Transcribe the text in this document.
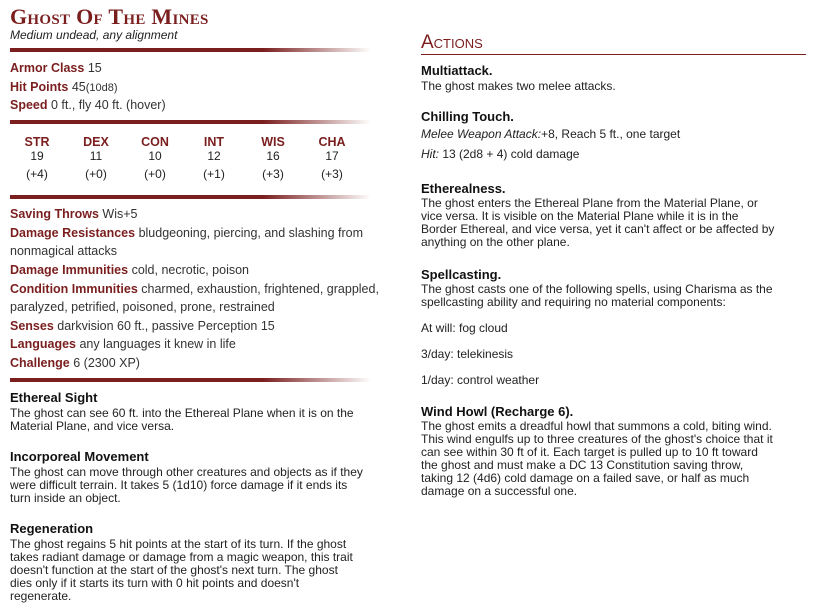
Ghost Of The Mines
Medium undead, any alignment
Armor Class 15
Hit Points 45(10d8)
Speed 0 ft., fly 40 ft. (hover)
STR
19
(+4)
DEX
11
(+0)
CON
10
(+0)
INT
12
(+1)
WIS
16
(+3)
CHA
17
(+3)
Saving Throws Wis+5
Damage Resistances bludgeoning, piercing, and slashing from
nonmagical attacks
Damage Immunities cold, necrotic, poison
Condition Immunities charmed, exhaustion, frightened, grappled,
paralyzed, petrified, poisoned, prone, restrained
Senses darkvision 60 ft., passive Perception 15
Languages any languages it knew in life
Challenge 6 (2300 XP)
Ethereal Sight
The ghost can see 60 ft. into the Ethereal Plane when it is on the
Material Plane, and vice versa.
Incorporeal Movement
The ghost can move through other creatures and objects as if they
were difficult terrain. It takes 5 (1d10) force damage if it ends its
turn inside an object.
Regeneration
The ghost regains 5 hit points at the start of its turn. If the ghost
takes radiant damage or damage from a magic weapon, this trait
doesn't function at the start of the ghost's next turn. The ghost
dies only if it starts its turn with 0 hit points and doesn't
regenerate.
Actions
Multiattack.
The ghost makes two melee attacks.
Chilling Touch.
Melee Weapon Attack:+8, Reach 5 ft., one target
Hit: 13 (2d8 + 4) cold damage
Etherealness.
The ghost enters the Ethereal Plane from the Material Plane, or
vice versa. It is visible on the Material Plane while it is in the
Border Ethereal, and vice versa, yet it can't affect or be affected by
anything on the other plane.
Spellcasting.
The ghost casts one of the following spells, using Charisma as the
spellcasting ability and requiring no material components:
At will: fog cloud
3/day: telekinesis
1/day: control weather
Wind Howl (Recharge 6).
The ghost emits a dreadful howl that summons a cold, biting wind.
This wind engulfs up to three creatures of the ghost's choice that it
can see within 30 ft of it. Each target is pulled up to 10 ft toward
the ghost and must make a DC 13 Constitution saving throw,
taking 12 (4d6) cold damage on a failed save, or half as much
damage on a successful one.
